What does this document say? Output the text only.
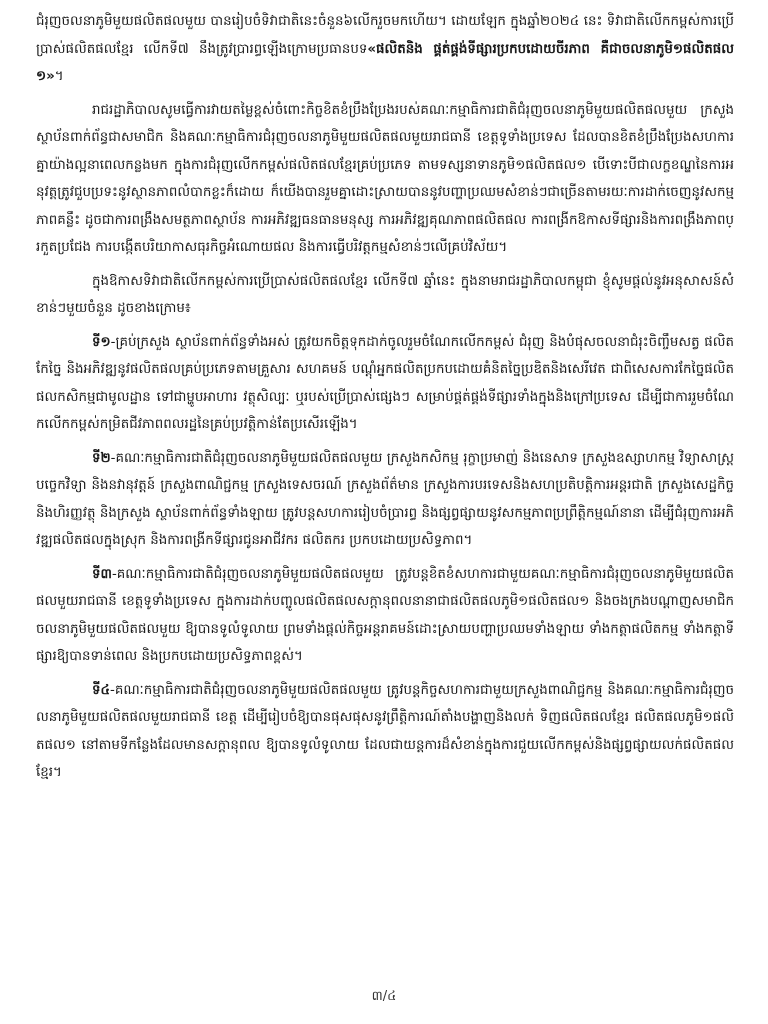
ជំរុញចលនាភូមិមួយផលិតផលមួយ បានរៀបចំទិវាជាតិនេះចំនួន៦លើករួចមកហើយ។ ដោយឡែក ក្នុងឆ្នាំ២០២៤ នេះ ទិវាជាតិលើកកម្ពស់ការប្រើប្រាស់ផលិតផលខ្មែរ លើកទី៧ នឹងត្រូវប្រារព្ធឡើងក្រោមប្រធានបទ«ផលិតនិង ផ្គត់ផ្គង់ទីផ្សារប្រកបដោយចីរភាព គឺជាចលនាភូមិ១ផលិតផល១»។

រាជរដ្ឋាភិបាលសូមធ្វើការវាយតម្លៃខ្ពស់ចំពោះកិច្ចខិតខំប្រឹងប្រែងរបស់គណៈកម្មាធិការជាតិជំរុញចលនាភូមិមួយផលិតផលមួយ ក្រសួង ស្ថាប័នពាក់ព័ន្ធជាសមាជិក និងគណៈកម្មាធិការជំរុញចលនាភូមិមួយផលិតផលមួយរាជធានី ខេត្តទូទាំងប្រទេស ដែលបានខិតខំប្រឹងប្រែងសហការគ្នាយ៉ាងល្អនាពេលកន្លងមក ក្នុងការជំរុញលើកកម្ពស់ផលិតផលខ្មែរគ្រប់ប្រភេទ តាមទស្សនាទានភូមិ១ផលិតផល១ បើទោះបីជាលក្ខខណ្ឌនៃការអនុវត្តត្រូវជួបប្រទះនូវស្ថានភាពលំបាកខ្លះក៏ដោយ ក៏យើងបានរួមគ្នាដោះស្រាយបាននូវបញ្ហាប្រឈមសំខាន់ៗជាច្រើនតាមរយៈការដាក់ចេញនូវសកម្មភាពគន្លឹះ ដូចជាការពង្រឹងសមត្ថភាពស្ថាប័ន ការអភិវឌ្ឍធនធានមនុស្ស ការអភិវឌ្ឍគុណភាពផលិតផល ការពង្រីកឱកាសទីផ្សារនិងការពង្រឹងភាពប្រកួតប្រជែង ការបង្កើតបរិយាកាសធុរកិច្ចអំណោយផល និងការធ្វើបរិវត្តកម្មសំខាន់ៗលើគ្រប់វិស័យ។

ក្នុងឱកាសទិវាជាតិលើកកម្ពស់ការប្រើប្រាស់ផលិតផលខ្មែរ លើកទី៧ ឆ្នាំនេះ ក្នុងនាមរាជរដ្ឋាភិបាលកម្ពុជា ខ្ញុំសូមផ្តល់នូវអនុសាសន៍សំខាន់ៗមួយចំនួន ដូចខាងក្រោម៖

ទី១-គ្រប់ក្រសួង ស្ថាប័នពាក់ព័ន្ធទាំងអស់ ត្រូវយកចិត្តទុកដាក់ចូលរួមចំណែកលើកកម្ពស់ ជំរុញ និងបំផុសចលនាជំរុះចិញ្ចឹមសត្វ ផលិត កែច្នៃ និងអភិវឌ្ឍនូវផលិតផលគ្រប់ប្រភេទតាមគ្រួសារ សហគមន៍ បណ្តុំអ្នកផលិតប្រកបដោយគំនិតច្នៃប្រឌិតនិងសេរីវេត ជាពិសេសការកែច្នៃផលិតផលកសិកម្មជាមូលដ្ឋាន ទៅជាម្ហូបអាហារ វត្ថុសិល្បៈ ឬរបស់ប្រើប្រាស់ផ្សេងៗ សម្រាប់ផ្គត់ផ្គង់ទីផ្សារទាំងក្នុងនិងក្រៅប្រទេស ដើម្បីជាការរួមចំណែកលើកកម្ពស់កម្រិតជីវភាពពលរដ្ឋនៃគ្រប់ប្រវត្តិកាន់តែប្រសើរឡើង។

ទី២-គណៈកម្មាធិការជាតិជំរុញចលនាភូមិមួយផលិតផលមួយ ក្រសួងកសិកម្ម រុក្ខាប្រមាញ់ និងនេសាទ ក្រសួងឧស្សាហកម្ម វិទ្យាសាស្ត្រ បច្ចេកវិទ្យា និងនវានុវត្តន៍ ក្រសួងពាណិជ្ជកម្ម ក្រសួងទេសចរណ៍ ក្រសួងព័ត៌មាន ក្រសួងការបរទេសនិងសហប្រតិបត្តិការអន្តរជាតិ ក្រសួងសេដ្ឋកិច្ចនិងហិរញ្ញវត្ថុ និងក្រសួង ស្ថាប័នពាក់ព័ន្ធទាំងឡាយ ត្រូវបន្តសហការរៀបចំប្រារព្ធ និងផ្សព្វផ្សាយនូវសកម្មភាពប្រព្រឹត្តិកម្មណ៍នានា ដើម្បីជំរុញការអភិវឌ្ឍផលិតផលក្នុងស្រុក និងការពង្រីកទីផ្សារជូនអាជីវករ ផលិតករ ប្រកបដោយប្រសិទ្ធភាព។

ទី៣-គណៈកម្មាធិការជាតិជំរុញចលនាភូមិមួយផលិតផលមួយ ត្រូវបន្តខិតខំសហការជាមួយគណៈកម្មាធិការជំរុញចលនាភូមិមួយផលិតផលមួយរាជធានី ខេត្តទូទាំងប្រទេស ក្នុងការដាក់បញ្ចូលផលិតផលសក្តានុពលនានាជាផលិតផលភូមិ១ផលិតផល១ និងចងក្រងបណ្តាញសមាជិកចលនាភូមិមួយផលិតផលមួយ ឱ្យបានទូលំទូលាយ ព្រមទាំងផ្តល់កិច្ចអន្តរាគមន៍ដោះស្រាយបញ្ហាប្រឈមទាំងឡាយ ទាំងកត្តាផលិតកម្ម ទាំងកត្តាទីផ្សារឱ្យបានទាន់ពេល និងប្រកបដោយប្រសិទ្ធភាពខ្ពស់។

ទី៤-គណៈកម្មាធិការជាតិជំរុញចលនាភូមិមួយផលិតផលមួយ ត្រូវបន្តកិច្ចសហការជាមួយក្រសួងពាណិជ្ជកម្ម និងគណៈកម្មាធិការជំរុញចលនាភូមិមួយផលិតផលមួយរាជធានី ខេត្ត ដើម្បីរៀបចំឱ្យបានផុសផុសនូវព្រឹត្តិការណ៍តាំងបង្ហាញនិងលក់ ទិញផលិតផលខ្មែរ ផលិតផលភូមិ១ផលិតផល១ នៅតាមទីកន្លែងដែលមានសក្តានុពល ឱ្យបានទូលំទូលាយ ដែលជាយន្តការដ៏សំខាន់ក្នុងការជួយលើកកម្ពស់និងផ្សព្វផ្សាយលក់ផលិតផលខ្មែរ។

៣/៤
